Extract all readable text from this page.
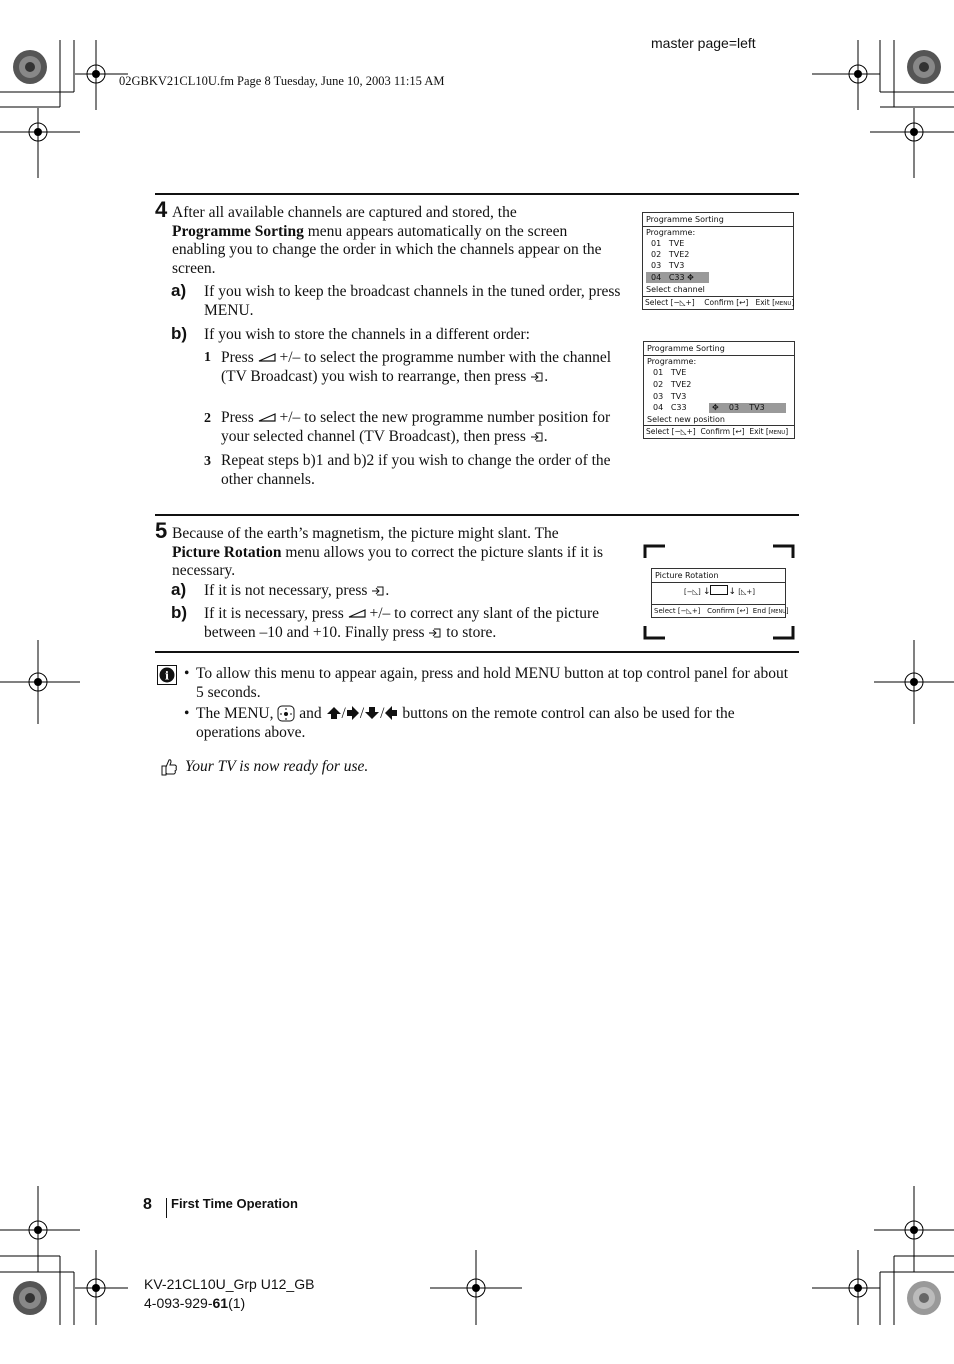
master page=left
02GBKV21CL10U.fm Page 8 Tuesday, June 10, 2003 11:15 AM
4 After all available channels are captured and stored, the
Programme Sorting menu appears automatically on the screen enabling you to change the order in which the channels appear on the screen.
a) If you wish to keep the broadcast channels in the tuned order, press MENU.
b) If you wish to store the channels in a different order:
1 Press  +/– to select the programme number with the channel (TV Broadcast) you wish to rearrange, then press .
2 Press  +/– to select the new programme number position for your selected channel (TV Broadcast), then press .
3 Repeat steps b)1 and b)2 if you wish to change the order of the other channels.
Programme Sorting
Programme:
01 TVE
02 TVE2
03 TV3
04 C33 ✥
Select channel
Select [−◺+]    Confirm [↩]   Exit [MENU]
Programme Sorting
Programme:
01 TVE
02 TVE2
03 TV3
04 C33	✥ 03 TV3
Select new position
Select [−◺+]  Confirm [↩]  Exit [MENU]
5 Because of the earth’s magnetism, the picture might slant. The
Picture Rotation menu allows you to correct the picture slants if it is necessary.
a) If it is not necessary, press .
b) If it is necessary, press  +/– to correct any slant of the picture between –10 and +10. Finally press  to store.
Picture Rotation
[−◺] ↓ ↓ [◺+]
Select [−◺+]   Confirm [↩]  End [MENU]
i • To allow this menu to appear again, press and hold MENU button at top control panel for about 5 seconds.
• The MENU,  and / / / buttons on the remote control can also be used for the operations above.
Your TV is now ready for use.
8 First Time Operation
KV-21CL10U_Grp U12_GB
4-093-929-61(1)
